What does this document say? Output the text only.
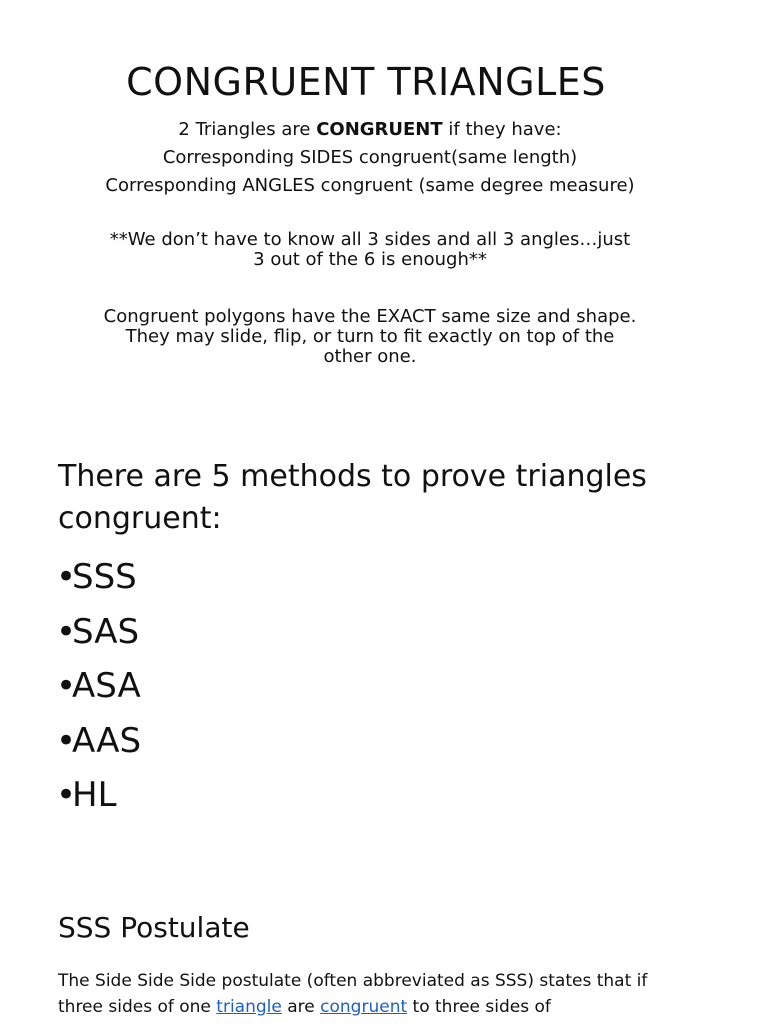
CONGRUENT TRIANGLES
2 Triangles are CONGRUENT if they have:
Corresponding SIDES congruent(same length)
Corresponding ANGLES congruent (same degree measure)
**We don’t have to know all 3 sides and all 3 angles…just
3 out of the 6 is enough**
Congruent polygons have the EXACT same size and shape.
They may slide, flip, or turn to fit exactly on top of the
other one.
There are 5 methods to prove triangles
congruent:
•SSS
•SAS
•ASA
•AAS
•HL
SSS Postulate
The Side Side Side postulate (often abbreviated as SSS) states that if
three sides of one triangle are congruent to three sides of
